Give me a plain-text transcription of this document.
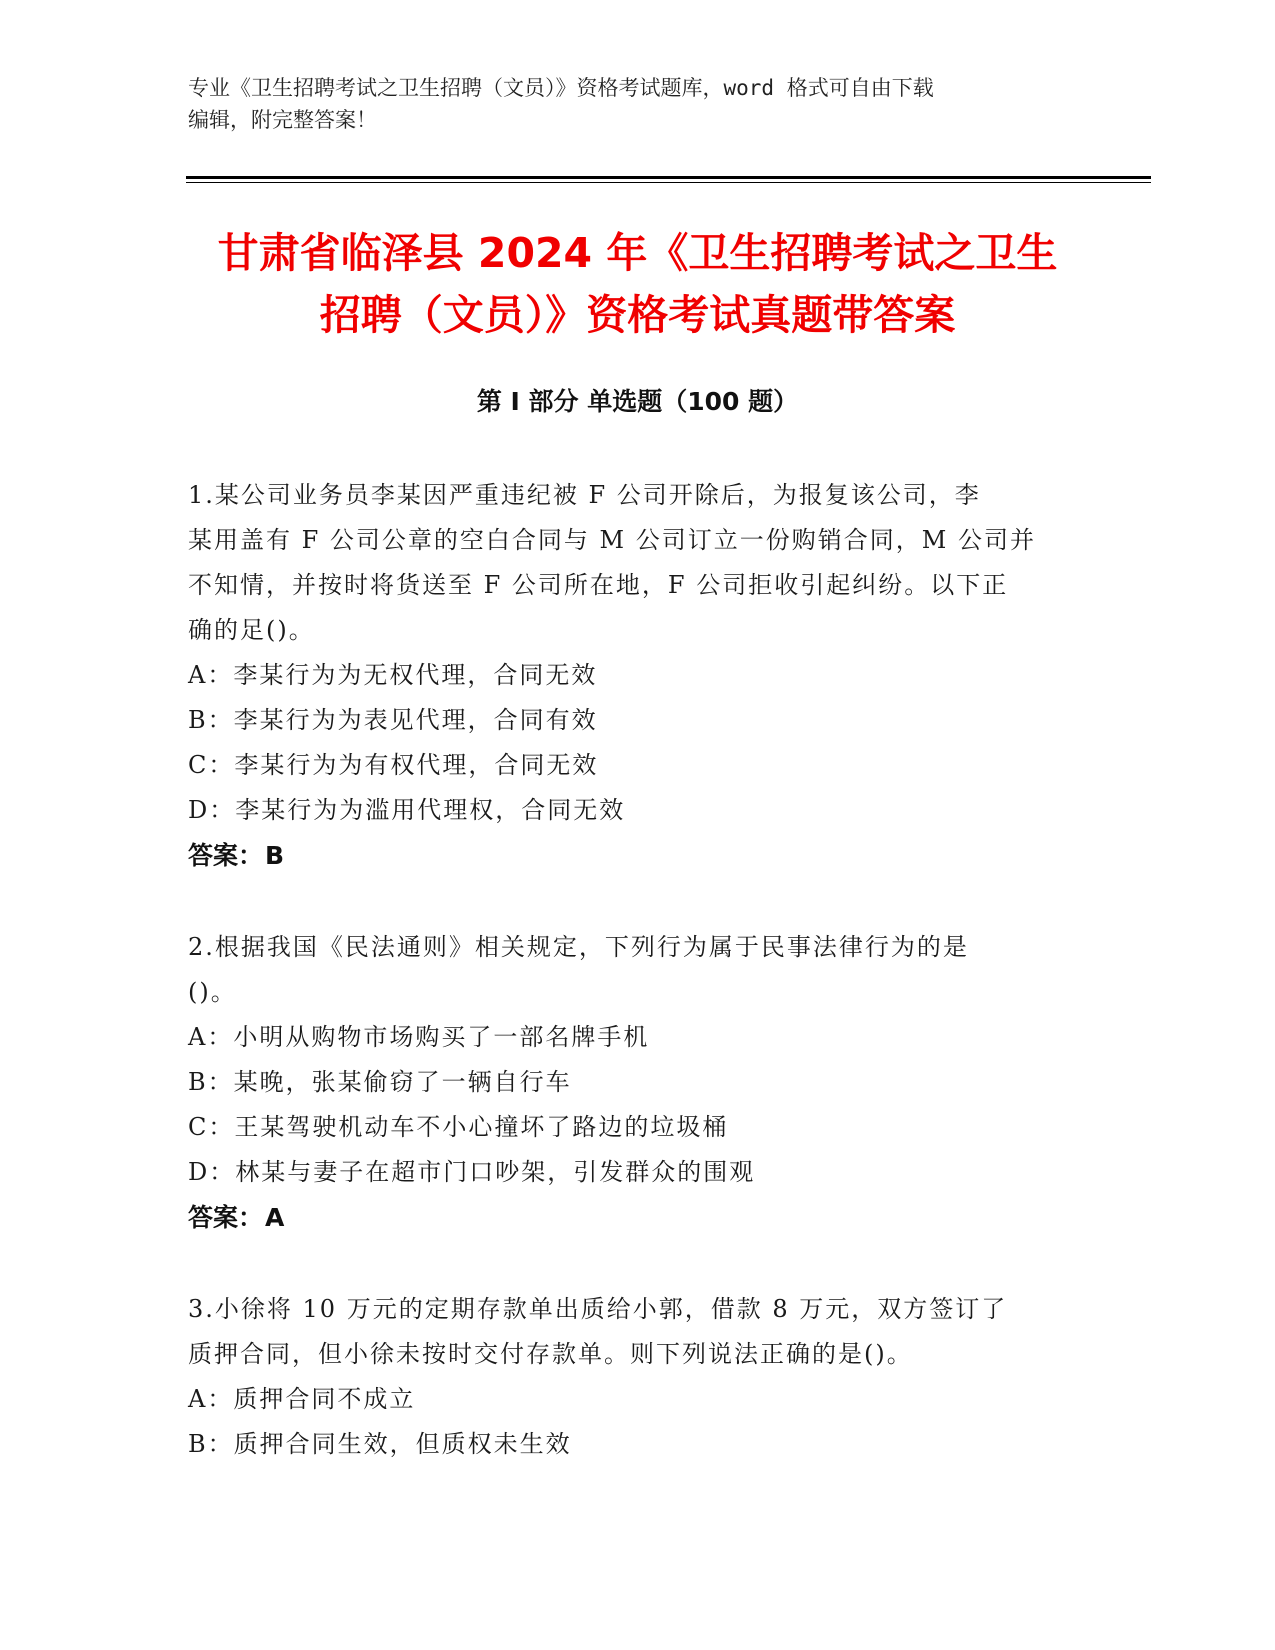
专业《卫生招聘考试之卫生招聘（文员）》资格考试题库，word 格式可自由下载
编辑，附完整答案！
甘肃省临泽县 2024 年《卫生招聘考试之卫生
招聘（文员）》资格考试真题带答案
第 I 部分 单选题（100 题）

1.某公司业务员李某因严重违纪被 F 公司开除后，为报复该公司，李

某用盖有 F 公司公章的空白合同与 M 公司订立一份购销合同，M 公司并

不知情，并按时将货送至 F 公司所在地，F 公司拒收引起纠纷。以下正

确的足()。

A：李某行为为无权代理，合同无效

B：李某行为为表见代理，合同有效

C：李某行为为有权代理，合同无效

D：李某行为为滥用代理权，合同无效

答案：B

2.根据我国《民法通则》相关规定，下列行为属于民事法律行为的是

()。

A：小明从购物市场购买了一部名牌手机

B：某晚，张某偷窃了一辆自行车

C：王某驾驶机动车不小心撞坏了路边的垃圾桶

D：林某与妻子在超市门口吵架，引发群众的围观

答案：A

3.小徐将 10 万元的定期存款单出质给小郭，借款 8 万元，双方签订了

质押合同，但小徐未按时交付存款单。则下列说法正确的是()。

A：质押合同不成立

B：质押合同生效，但质权未生效
